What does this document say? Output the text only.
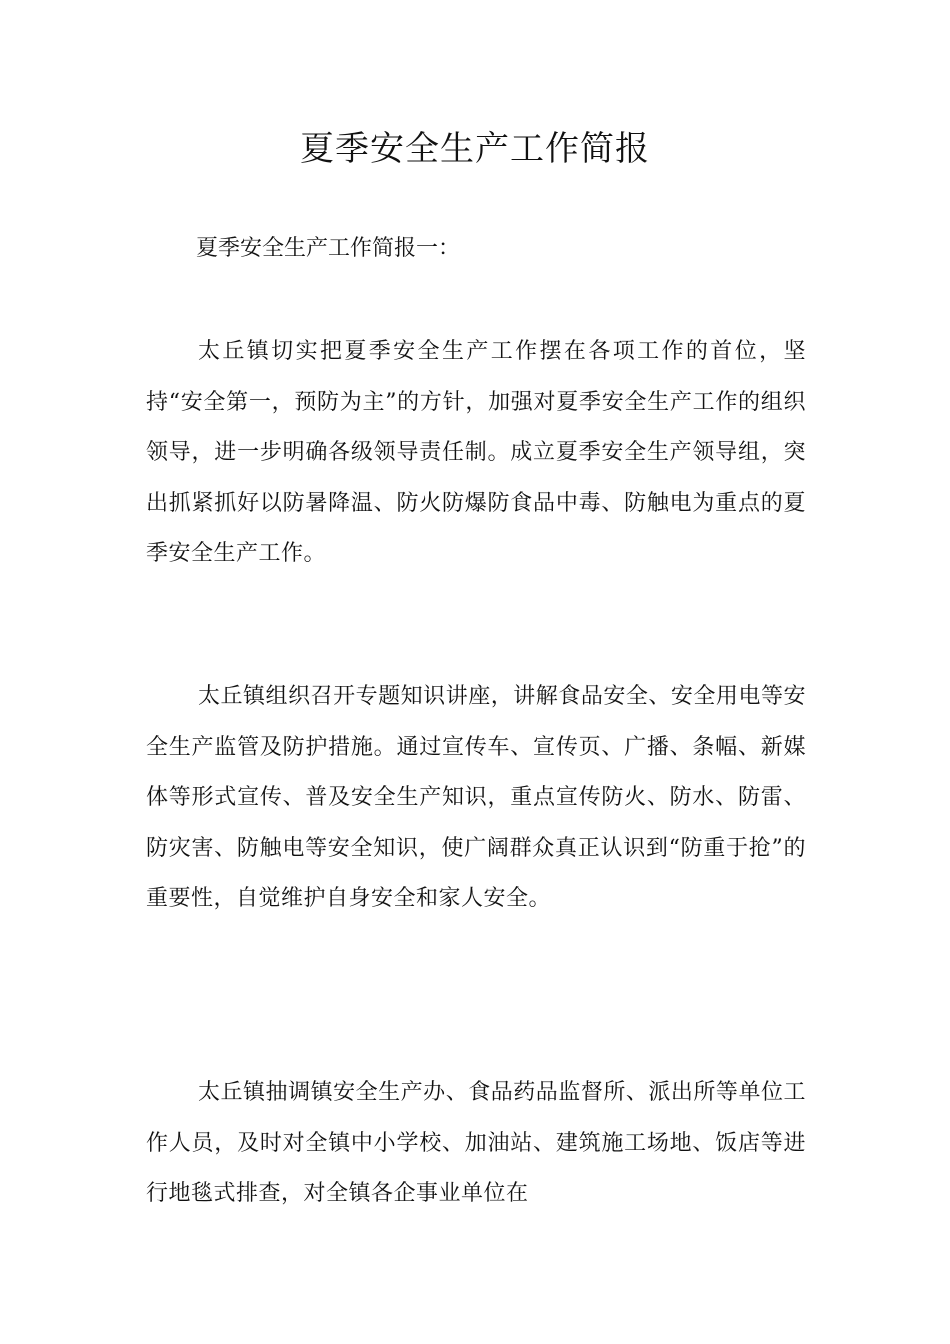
夏季安全生产工作简报

夏季安全生产工作简报一：

太丘镇切实把夏季安全生产工作摆在各项工作的首位，坚持“安全第一，预防为主”的方针，加强对夏季安全生产工作的组织领导，进一步明确各级领导责任制。成立夏季安全生产领导组，突出抓紧抓好以防暑降温、防火防爆防食品中毒、防触电为重点的夏季安全生产工作。

太丘镇组织召开专题知识讲座，讲解食品安全、安全用电等安全生产监管及防护措施。通过宣传车、宣传页、广播、条幅、新媒体等形式宣传、普及安全生产知识，重点宣传防火、防水、防雷、防灾害、防触电等安全知识，使广阔群众真正认识到“防重于抢”的重要性，自觉维护自身安全和家人安全。

太丘镇抽调镇安全生产办、食品药品监督所、派出所等单位工作人员，及时对全镇中小学校、加油站、建筑施工场地、饭店等进行地毯式排查，对全镇各企事业单位在
